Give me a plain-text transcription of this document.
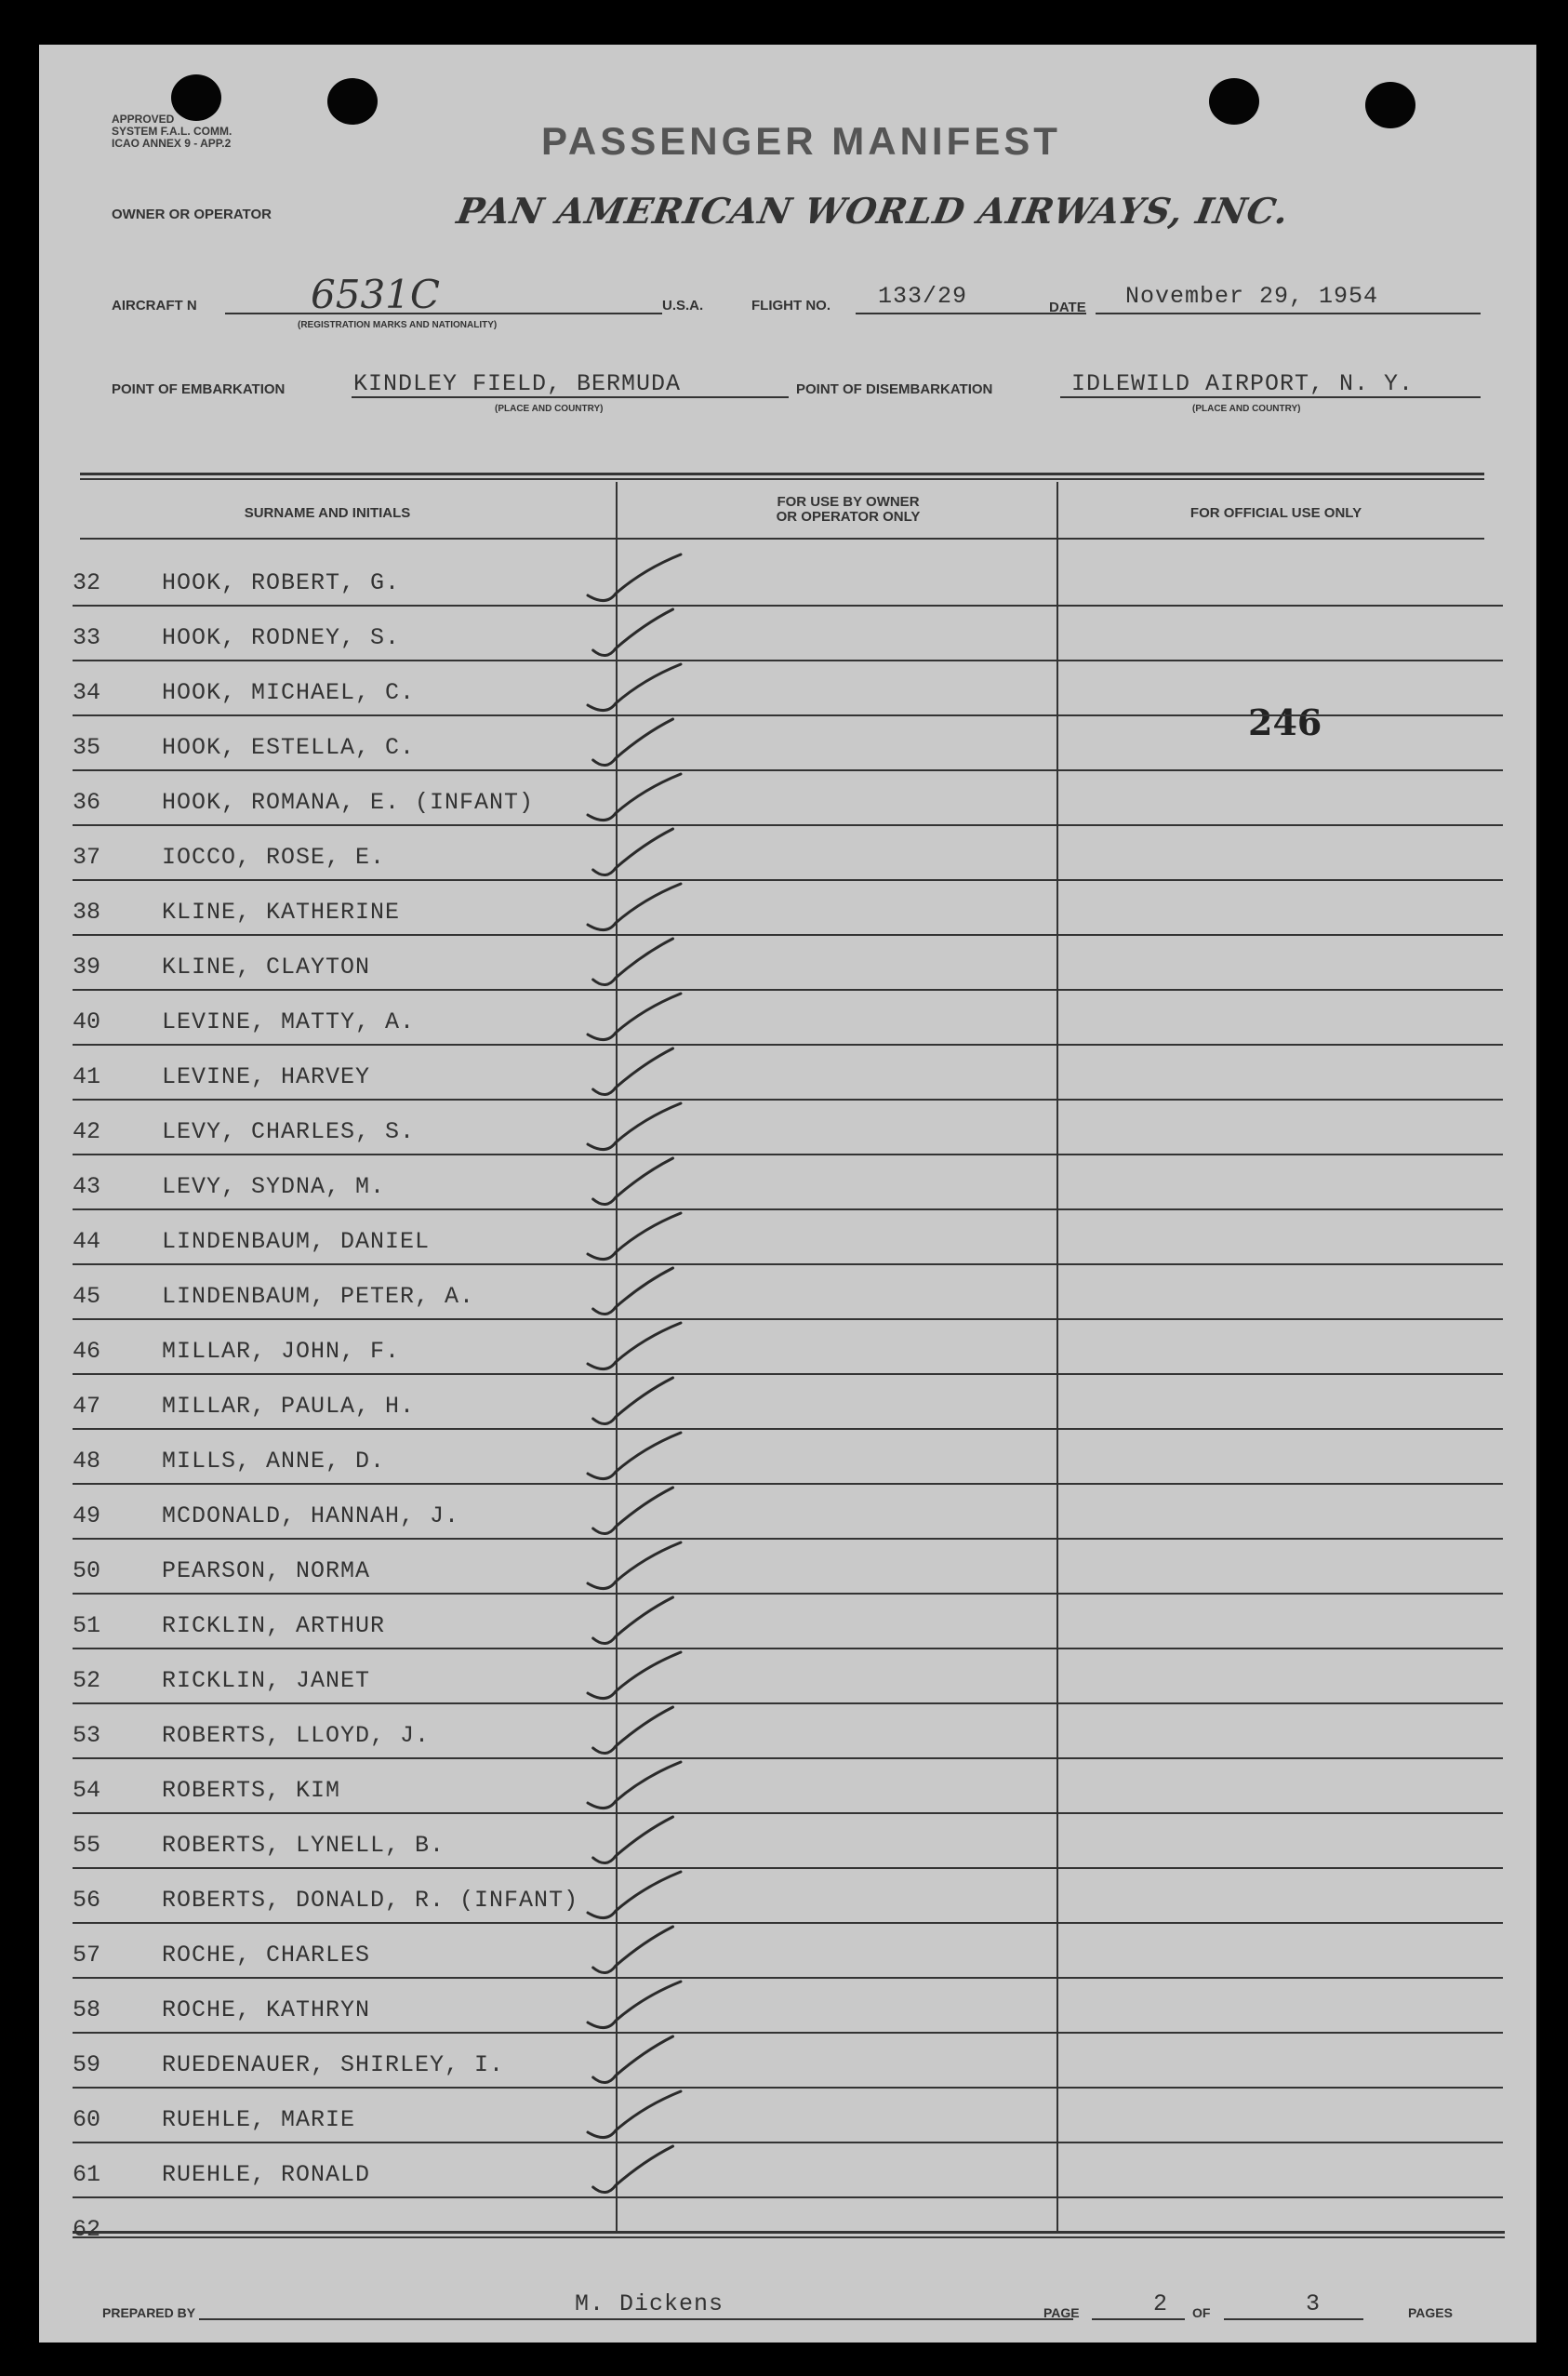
APPROVED
SYSTEM F.A.L. COMM.
ICAO ANNEX 9 - APP.2
OWNER OR OPERATOR
PASSENGER MANIFEST
PAN AMERICAN WORLD AIRWAYS, INC.
AIRCRAFT N	6531C
(REGISTRATION MARKS AND NATIONALITY)
U.S.A.	FLIGHT NO. 133/29	DATE November 29, 1954
POINT OF EMBARKATION	KINDLEY FIELD, BERMUDA
(PLACE AND COUNTRY)
POINT OF DISEMBARKATION	IDLEWILD AIRPORT, N. Y.
(PLACE AND COUNTRY)
SURNAME AND INITIALS
FOR USE BY OWNER
OR OPERATOR ONLY	FOR OFFICIAL USE ONLY
246
32	HOOK, ROBERT, G.
33	HOOK, RODNEY, S.
34	HOOK, MICHAEL, C.
35	HOOK, ESTELLA, C.
36	HOOK, ROMANA, E. (INFANT)
37	IOCCO, ROSE, E.
38	KLINE, KATHERINE
39	KLINE, CLAYTON
40	LEVINE, MATTY, A.
41	LEVINE, HARVEY
42	LEVY, CHARLES, S.
43	LEVY, SYDNA, M.
44	LINDENBAUM, DANIEL
45	LINDENBAUM, PETER, A.
46	MILLAR, JOHN, F.
47	MILLAR, PAULA, H.
48	MILLS, ANNE, D.
49	MCDONALD, HANNAH, J.
50	PEARSON, NORMA
51	RICKLIN, ARTHUR
52	RICKLIN, JANET
53	ROBERTS, LLOYD, J.
54	ROBERTS, KIM
55	ROBERTS, LYNELL, B.
56	ROBERTS, DONALD, R. (INFANT)
57	ROCHE, CHARLES
58	ROCHE, KATHRYN
59	RUEDENAUER, SHIRLEY, I.
60	RUEHLE, MARIE
61	RUEHLE, RONALD
62
PREPARED BY	M. Dickens	PAGE	2 OF	3	PAGES
